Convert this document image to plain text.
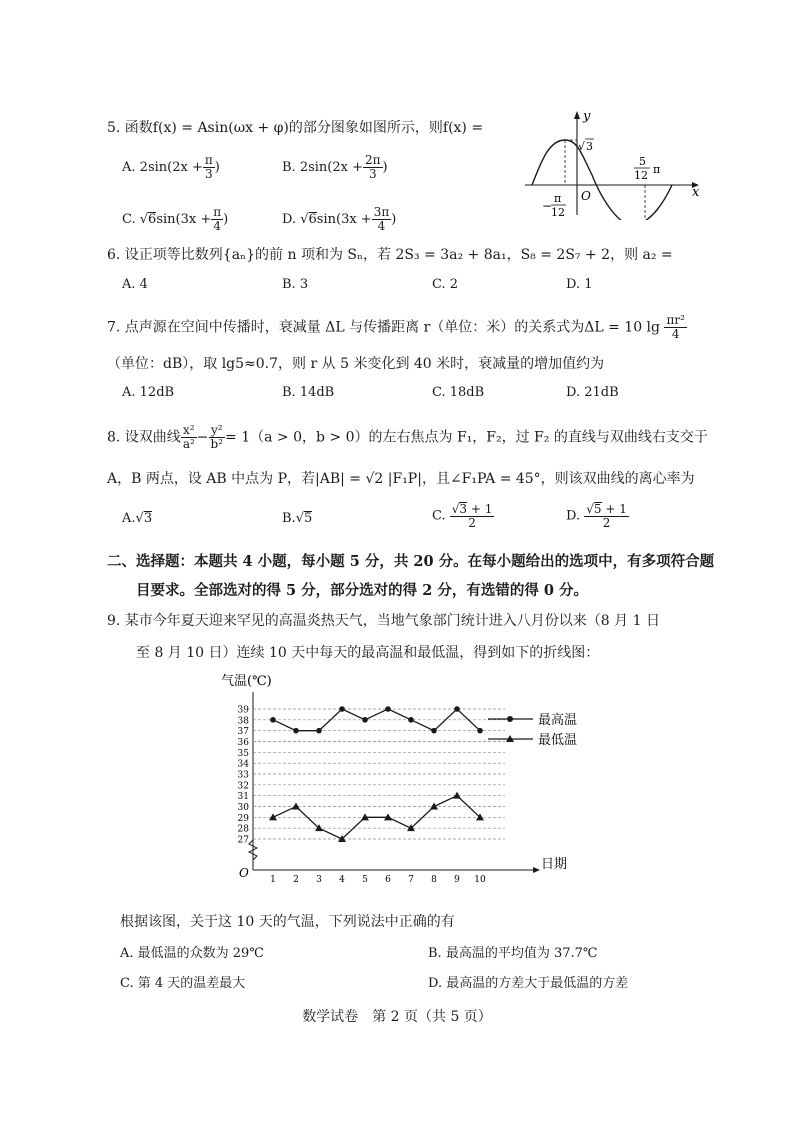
5. 函数f(x) = Asin(ωx + φ)的部分图象如图所示，则f(x) =
A. $2\sin(2x + \frac{\pi}{3}$ )	B. $2\sin(2x + \frac{2\pi}{3}$ )
C. $√6\sin(3x + \frac{\pi}{4}$ )	D. $√6\sin(3x + \frac{3\pi}{4}$ )
y
x
O
√ 3
−
π
12
5
12 π
6. 设正项等比数列{aₙ}的前 n 项和为 Sₙ，若 2S₃ = 3a₂ + 8a₁，S₈ = 2S₇ + 2，则 a₂ =
A. 4	B. 3	C. 2	D. 1
7. 点声源在空间中传播时，衰减量 ΔL 与传播距离 r（单位：米）的关系式为ΔL = 10 $\lg \frac{\text{πr²}}{4}$
（单位：dB），取 lg5≈0.7，则 r 从 5 米变化到 40 米时，衰减量的增加值约为
A. 12dB	B. 14dB	C. 18dB	D. 21dB
8. 设双曲线 $\frac{\text{x²}}{\text{a²}} - \frac{\text{y²}}{\text{b²}} = 1(a > 0$，b > 0）的左右焦点为 F₁，F₂，过 F₂ 的直线与双曲线右支交于
A，B 两点，设 AB 中点为 P，若|AB| = √2 |F₁P|，且∠F₁PA = 45°，则该双曲线的离心率为
A.√3	B.√5	C. $\frac{√3 + 1}{2}$	D. $\frac{√5 + 1}{2}$
二、选择题：本题共 4 小题，每小题 5 分，共 20 分。在每小题给出的选项中，有多项符合题
目要求。全部选对的得 5 分，部分选对的得 2 分，有选错的得 0 分。
9. 某市今年夏天迎来罕见的高温炎热天气，当地气象部门统计进入八月份以来（8 月 1 日
至 8 月 10 日）连续 10 天中每天的最高温和最低温，得到如下的折线图：
气温(℃)
日期
O
27
28
29
30
31
32
33
34
35
36
37
38
39
1 2 3 4 5 6 7 8 9 10
最高温
最低温
根据该图，关于这 10 天的气温，下列说法中正确的有
A. 最低温的众数为 29℃	B. 最高温的平均值为 37.7℃
C. 第 4 天的温差最大	D. 最高温的方差大于最低温的方差
数学试卷　第 2 页（共 5 页）
